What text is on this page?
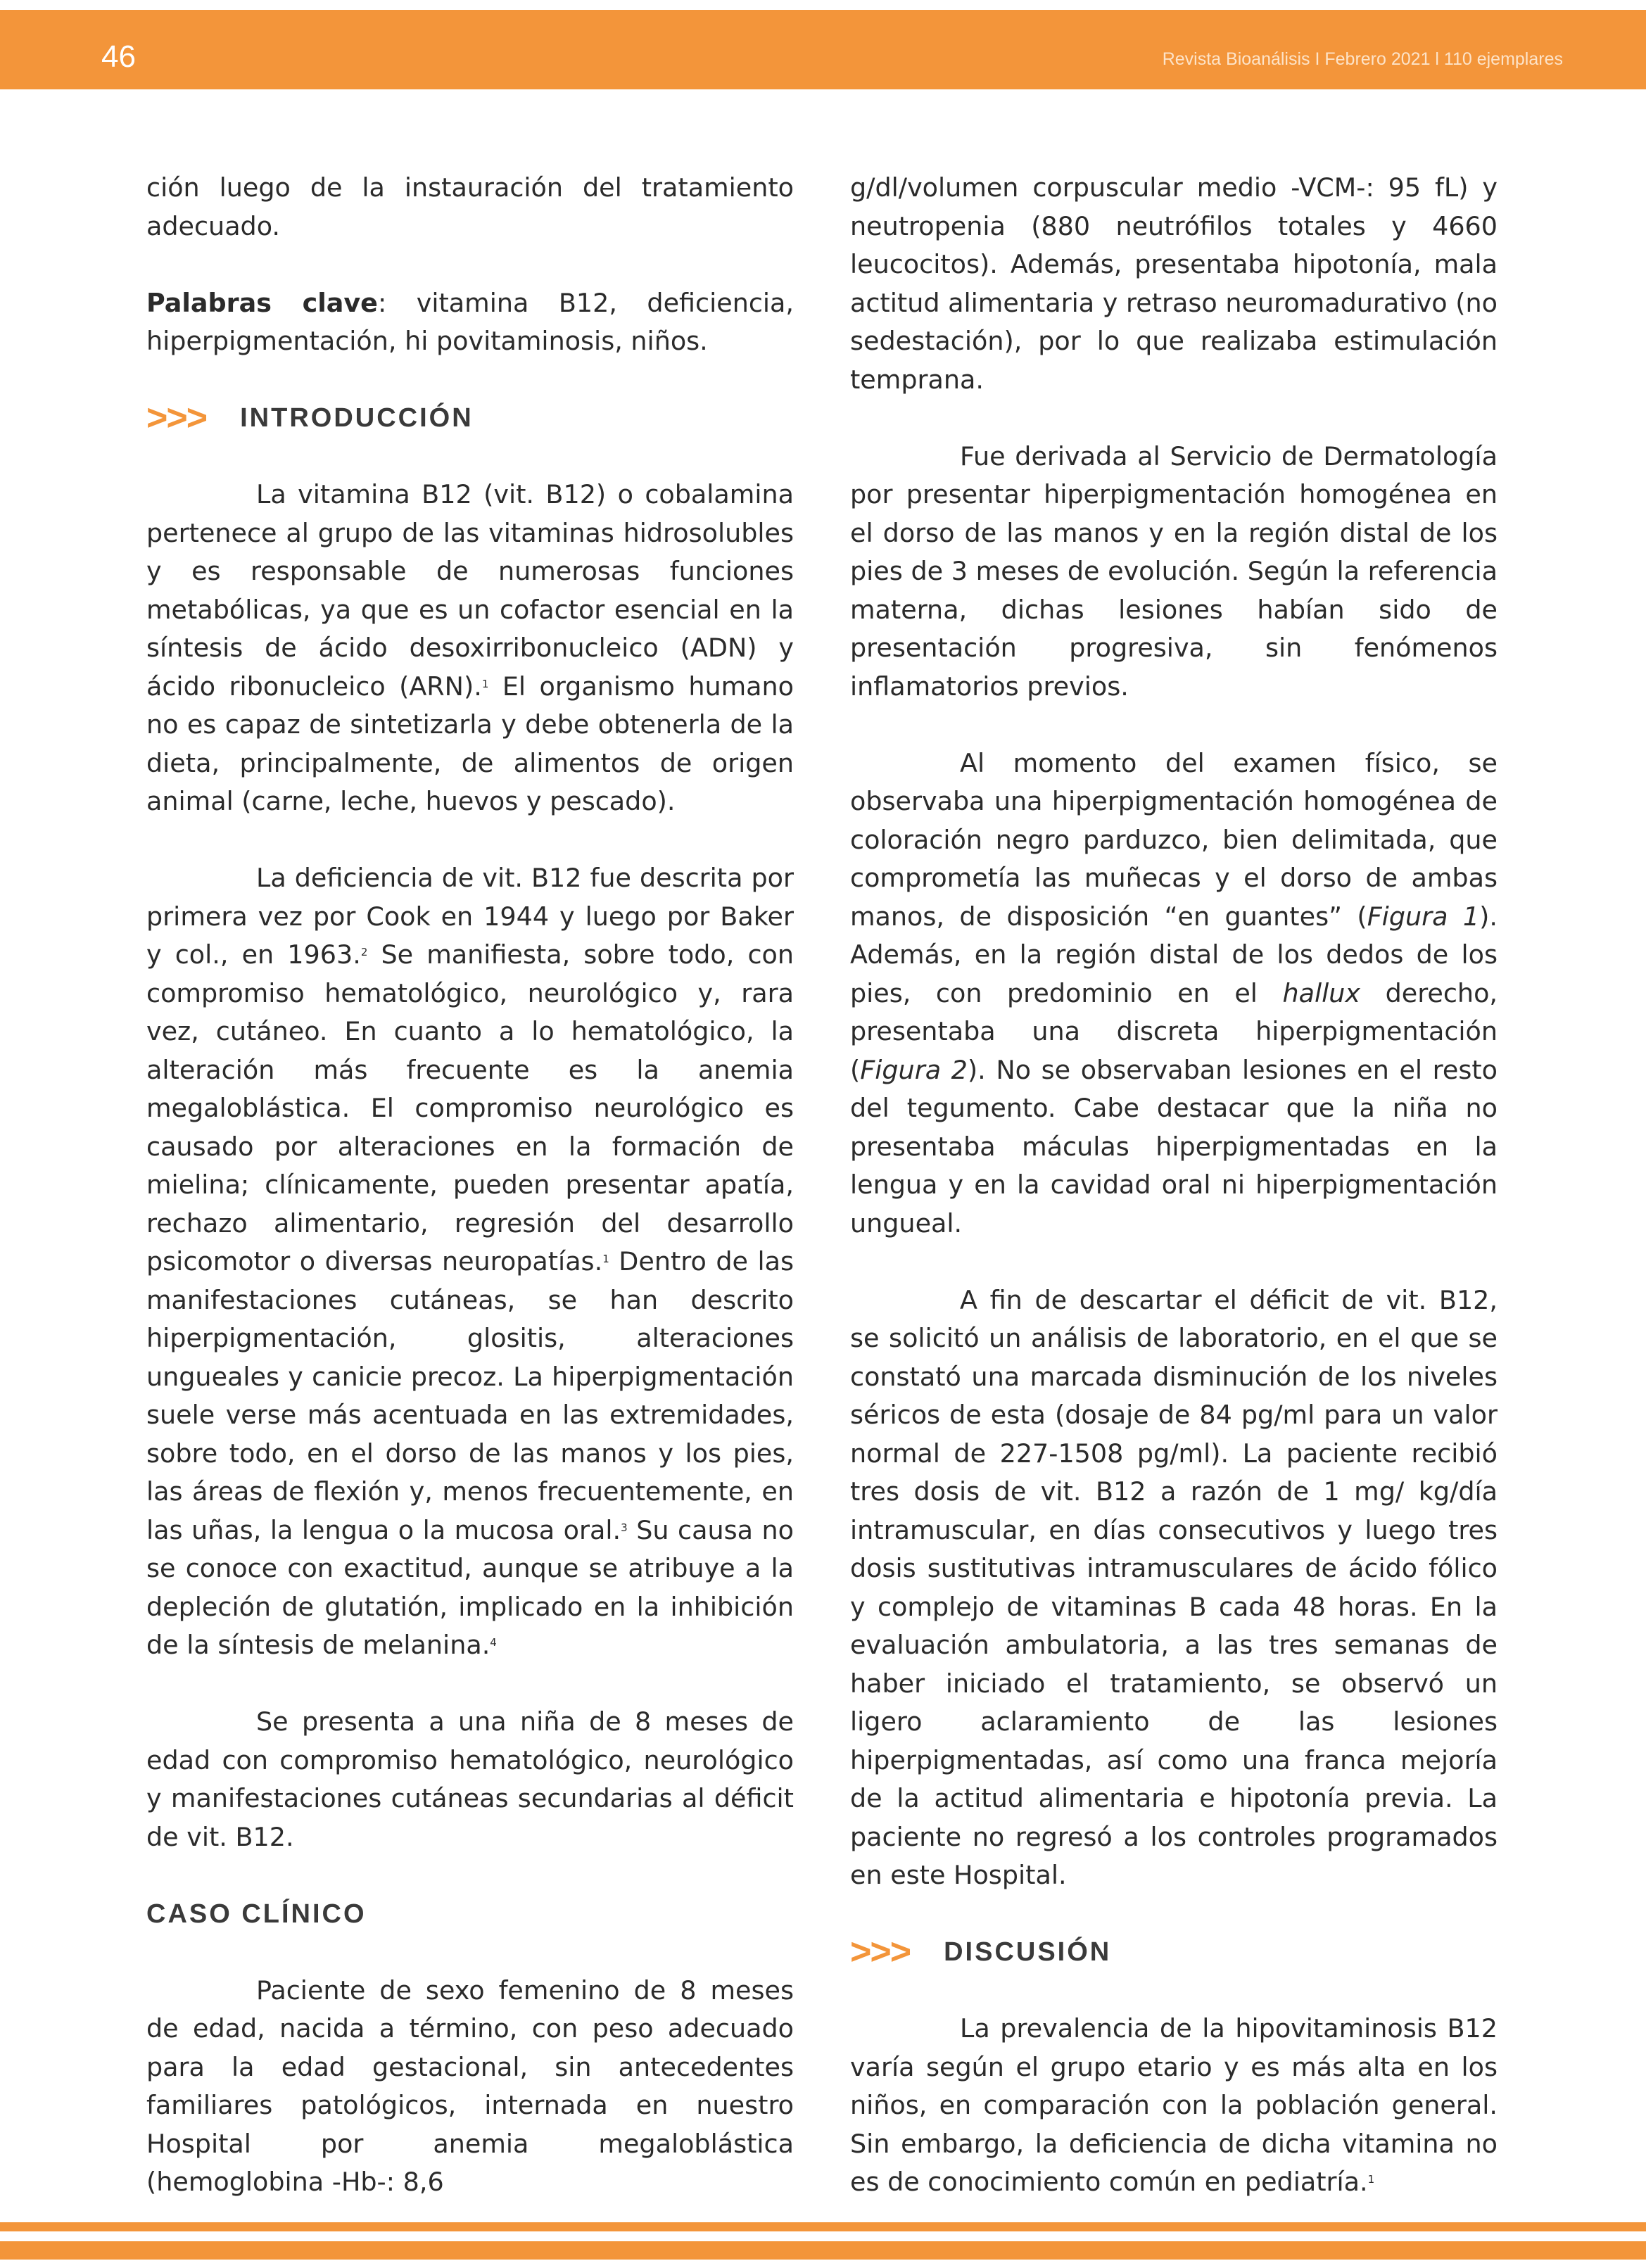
46	Revista Bioanálisis I Febrero 2021 l 110 ejemplares

ción luego de la instauración del tratamiento adecuado.

Palabras clave: vitamina B12, deficiencia, hiperpigmentación, hi povitaminosis, niños.

>>> INTRODUCCIÓN

La vitamina B12 (vit. B12) o cobalamina pertenece al grupo de las vitaminas hidrosolubles y es responsable de numerosas funciones metabólicas, ya que es un cofactor esencial en la síntesis de ácido desoxirribonucleico (ADN) y ácido ribonucleico (ARN).$^1$ El organismo humano no es capaz de sintetizarla y debe obtenerla de la dieta, principalmente, de alimentos de origen animal (carne, leche, huevos y pescado).

La deficiencia de vit. B12 fue descrita por primera vez por Cook en 1944 y luego por Baker y col., en 1963.$^2$ Se manifiesta, sobre todo, con compromiso hematológico, neurológico y, rara vez, cutáneo. En cuanto a lo hematológico, la alteración más frecuente es la anemia megaloblástica. El compromiso neurológico es causado por alteraciones en la formación de mielina; clínicamente, pueden presentar apatía, rechazo alimentario, regresión del desarrollo psicomotor o diversas neuropatías.$^1$ Dentro de las manifestaciones cutáneas, se han descrito hiperpigmentación, glositis, alteraciones ungueales y canicie precoz. La hiperpigmentación suele verse más acentuada en las extremidades, sobre todo, en el dorso de las manos y los pies, las áreas de flexión y, menos frecuentemente, en las uñas, la lengua o la mucosa oral.$^3$ Su causa no se conoce con exactitud, aunque se atribuye a la depleción de glutatión, implicado en la inhibición de la síntesis de melanina.$^4$

Se presenta a una niña de 8 meses de edad con compromiso hematológico, neurológico y manifestaciones cutáneas secundarias al déficit de vit. B12.

CASO CLÍNICO

Paciente de sexo femenino de 8 meses de edad, nacida a término, con peso adecuado para la edad gestacional, sin antecedentes familiares patológicos, internada en nuestro Hospital por anemia megaloblástica (hemoglobina -Hb-: 8,6

g/dl/volumen corpuscular medio -VCM-: 95 fL) y neutropenia (880 neutrófilos totales y 4660 leucocitos). Además, presentaba hipotonía, mala actitud alimentaria y retraso neuromadurativo (no sedestación), por lo que realizaba estimulación temprana.

Fue derivada al Servicio de Dermatología por presentar hiperpigmentación homogénea en el dorso de las manos y en la región distal de los pies de 3 meses de evolución. Según la referencia materna, dichas lesiones habían sido de presentación progresiva, sin fenómenos inflamatorios previos.

Al momento del examen físico, se observaba una hiperpigmentación homogénea de coloración negro parduzco, bien delimitada, que comprometía las muñecas y el dorso de ambas manos, de disposición “en guantes” (Figura 1). Además, en la región distal de los dedos de los pies, con predominio en el hallux derecho, presentaba una discreta hiperpigmentación (Figura 2). No se observaban lesiones en el resto del tegumento. Cabe destacar que la niña no presentaba máculas hiperpigmentadas en la lengua y en la cavidad oral ni hiperpigmentación ungueal.

A fin de descartar el déficit de vit. B12, se solicitó un análisis de laboratorio, en el que se constató una marcada disminución de los niveles séricos de esta (dosaje de 84 pg/ml para un valor normal de 227-1508 pg/ml). La paciente recibió tres dosis de vit. B12 a razón de 1 mg/ kg/día intramuscular, en días consecutivos y luego tres dosis sustitutivas intramusculares de ácido fólico y complejo de vitaminas B cada 48 horas. En la evaluación ambulatoria, a las tres semanas de haber iniciado el tratamiento, se observó un ligero aclaramiento de las lesiones hiperpigmentadas, así como una franca mejoría de la actitud alimentaria e hipotonía previa. La paciente no regresó a los controles programados en este Hospital.

>>> DISCUSIÓN

La prevalencia de la hipovitaminosis B12 varía según el grupo etario y es más alta en los niños, en comparación con la población general. Sin embargo, la deficiencia de dicha vitamina no es de conocimiento común en pediatría.$^1$
